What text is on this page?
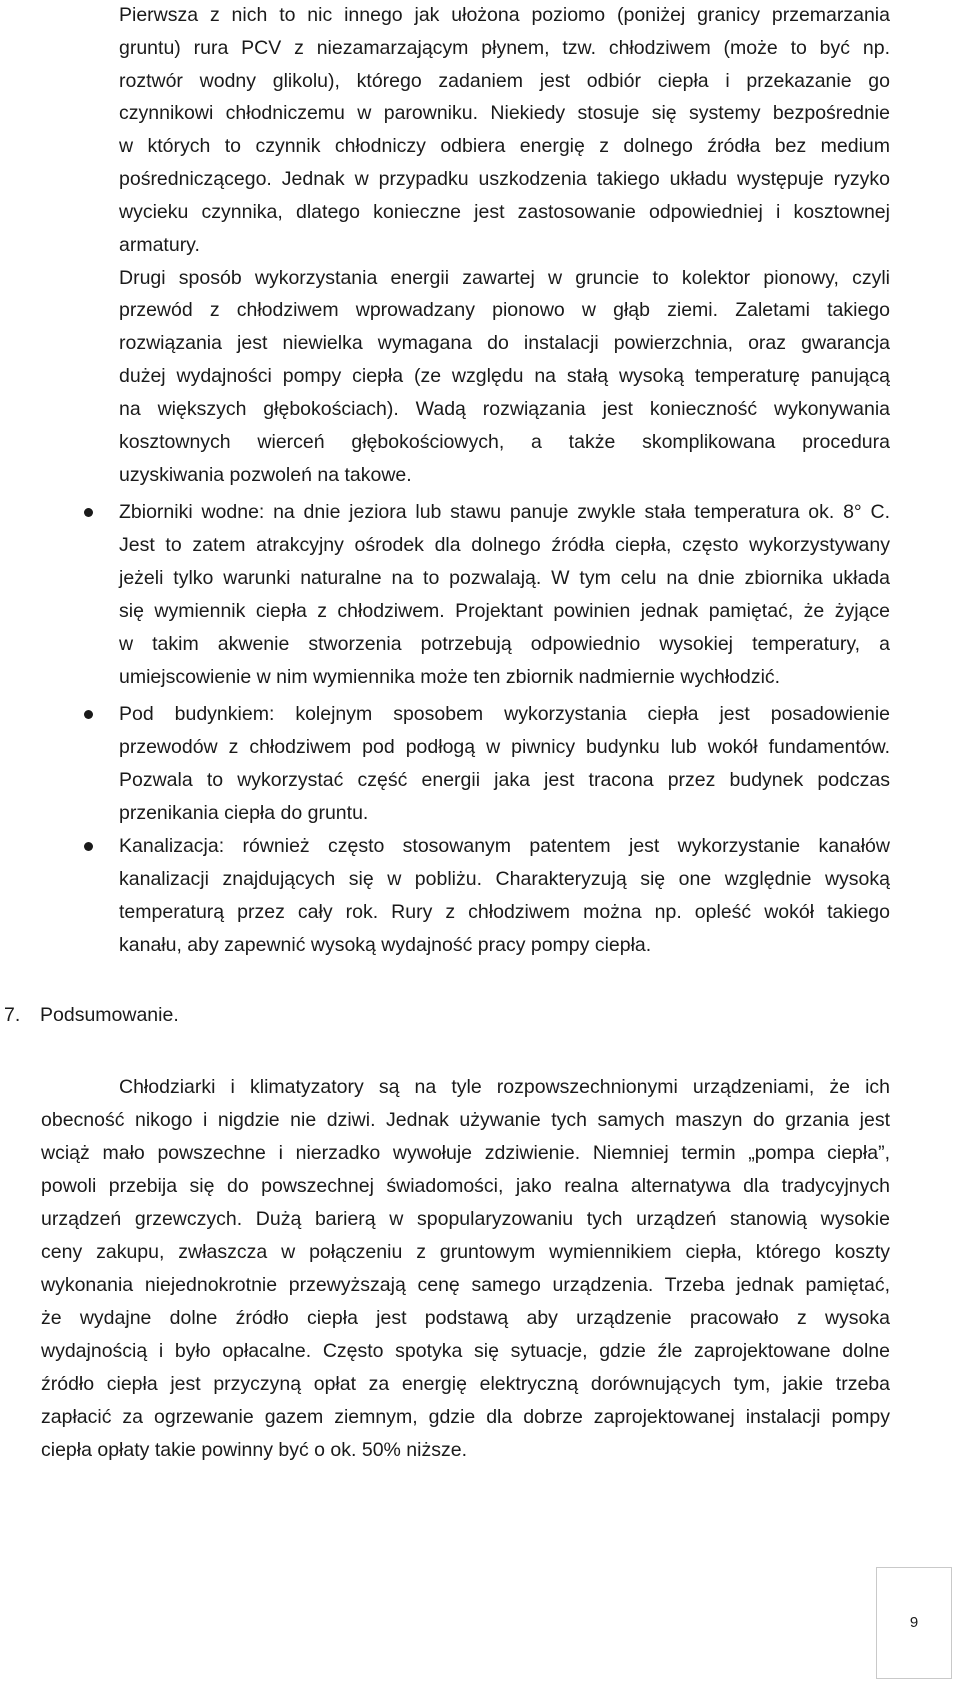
Pierwsza z nich to nic innego jak ułożona poziomo (poniżej granicy przemarzania
gruntu) rura PCV z niezamarzającym płynem, tzw. chłodziwem (może to być np.
roztwór wodny glikolu), którego zadaniem jest odbiór ciepła i przekazanie go
czynnikowi chłodniczemu w parowniku. Niekiedy stosuje się systemy bezpośrednie
w których to czynnik chłodniczy odbiera energię z dolnego źródła bez medium
pośredniczącego. Jednak w przypadku uszkodzenia takiego układu występuje ryzyko
wycieku czynnika, dlatego konieczne jest zastosowanie odpowiedniej i kosztownej
armatury.
Drugi sposób wykorzystania energii zawartej w gruncie to kolektor pionowy, czyli
przewód z chłodziwem wprowadzany pionowo w głąb ziemi. Zaletami takiego
rozwiązania jest niewielka wymagana do instalacji powierzchnia, oraz gwarancja
dużej wydajności pompy ciepła (ze względu na stałą wysoką temperaturę panującą
na większych głębokościach). Wadą rozwiązania jest konieczność wykonywania
kosztownych wierceń głębokościowych, a także skomplikowana procedura
uzyskiwania pozwoleń na takowe.
Zbiorniki wodne: na dnie jeziora lub stawu panuje zwykle stała temperatura ok. 8° C.
Jest to zatem atrakcyjny ośrodek dla dolnego źródła ciepła, często wykorzystywany
jeżeli tylko warunki naturalne na to pozwalają. W tym celu na dnie zbiornika układa
się wymiennik ciepła z chłodziwem. Projektant powinien jednak pamiętać, że żyjące
w takim akwenie stworzenia potrzebują odpowiednio wysokiej temperatury, a
umiejscowienie w nim wymiennika może ten zbiornik nadmiernie wychłodzić.
Pod budynkiem: kolejnym sposobem wykorzystania ciepła jest posadowienie
przewodów z chłodziwem pod podłogą w piwnicy budynku lub wokół fundamentów.
Pozwala to wykorzystać część energii jaka jest tracona przez budynek podczas
przenikania ciepła do gruntu.
Kanalizacja: również często stosowanym patentem jest wykorzystanie kanałów
kanalizacji znajdujących się w pobliżu. Charakteryzują się one względnie wysoką
temperaturą przez cały rok. Rury z chłodziwem można np. opleść wokół takiego
kanału, aby zapewnić wysoką wydajność pracy pompy ciepła.
7.	Podsumowanie.
Chłodziarki i klimatyzatory są na tyle rozpowszechnionymi urządzeniami, że ich
obecność nikogo i nigdzie nie dziwi. Jednak używanie tych samych maszyn do grzania jest
wciąż mało powszechne i nierzadko wywołuje zdziwienie. Niemniej termin „pompa ciepła”,
powoli przebija się do powszechnej świadomości, jako realna alternatywa dla tradycyjnych
urządzeń grzewczych. Dużą barierą w spopularyzowaniu tych urządzeń stanowią wysokie
ceny zakupu, zwłaszcza w połączeniu z gruntowym wymiennikiem ciepła, którego koszty
wykonania niejednokrotnie przewyższają cenę samego urządzenia. Trzeba jednak pamiętać,
że wydajne dolne źródło ciepła jest podstawą aby urządzenie pracowało z wysoka
wydajnością i było opłacalne. Często spotyka się sytuacje, gdzie źle zaprojektowane dolne
źródło ciepła jest przyczyną opłat za energię elektryczną dorównujących tym, jakie trzeba
zapłacić za ogrzewanie gazem ziemnym, gdzie dla dobrze zaprojektowanej instalacji pompy
ciepła opłaty takie powinny być o ok. 50% niższe.
9
